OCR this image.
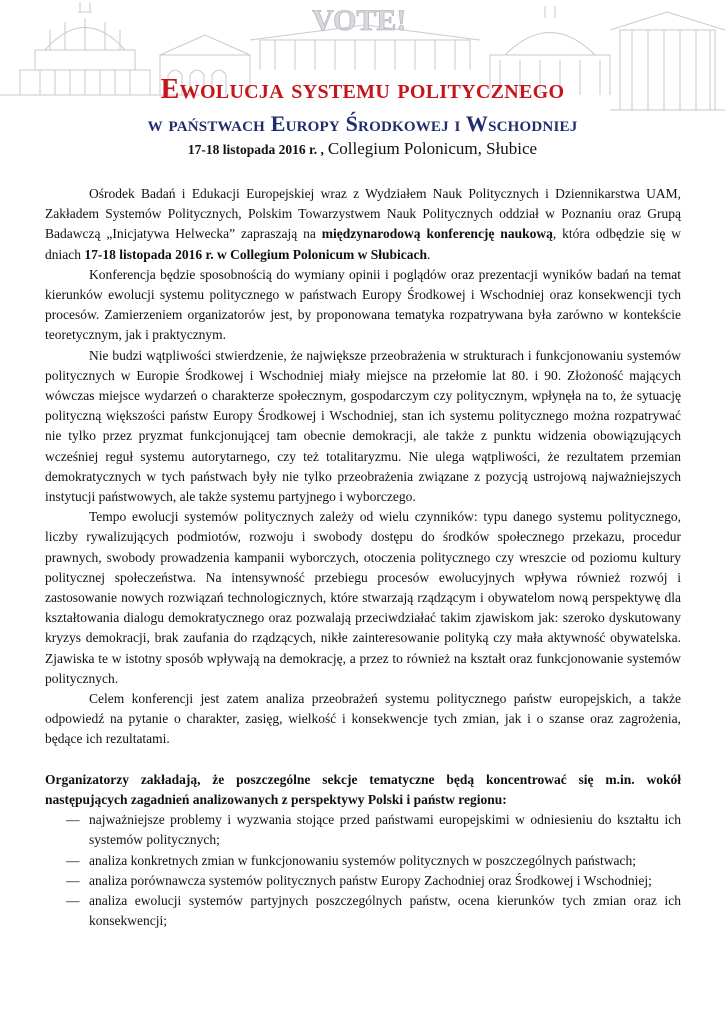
VOTE!
Ewolucja systemu politycznego
w państwach Europy Środkowej i Wschodniej
17-18 listopada 2016 r. , Collegium Polonicum, Słubice

Ośrodek Badań i Edukacji Europejskiej wraz z Wydziałem Nauk Politycznych i Dziennikarstwa UAM, Zakładem Systemów Politycznych, Polskim Towarzystwem Nauk Politycznych oddział w Poznaniu oraz Grupą Badawczą „Inicjatywa Helwecka” zapraszają na międzynarodową konferencję naukową, która odbędzie się w dniach 17-18 listopada 2016 r. w Collegium Polonicum w Słubicach.

Konferencja będzie sposobnością do wymiany opinii i poglądów oraz prezentacji wyników badań na temat kierunków ewolucji systemu politycznego w państwach Europy Środkowej i Wschodniej oraz konsekwencji tych procesów. Zamierzeniem organizatorów jest, by proponowana tematyka rozpatrywana była zarówno w kontekście teoretycznym, jak i praktycznym.

Nie budzi wątpliwości stwierdzenie, że największe przeobrażenia w strukturach i funkcjonowaniu systemów politycznych w Europie Środkowej i Wschodniej miały miejsce na przełomie lat 80. i 90. Złożoność mających wówczas miejsce wydarzeń o charakterze społecznym, gospodarczym czy politycznym, wpłynęła na to, że sytuację polityczną większości państw Europy Środkowej i Wschodniej, stan ich systemu politycznego można rozpatrywać nie tylko przez pryzmat funkcjonującej tam obecnie demokracji, ale także z punktu widzenia obowiązujących wcześniej reguł systemu autorytarnego, czy też totalitaryzmu. Nie ulega wątpliwości, że rezultatem przemian demokratycznych w tych państwach były nie tylko przeobrażenia związane z pozycją ustrojową najważniejszych instytucji państwowych, ale także systemu partyjnego i wyborczego.

Tempo ewolucji systemów politycznych zależy od wielu czynników: typu danego systemu politycznego, liczby rywalizujących podmiotów, rozwoju i swobody dostępu do środków społecznego przekazu, procedur prawnych, swobody prowadzenia kampanii wyborczych, otoczenia politycznego czy wreszcie od poziomu kultury politycznej społeczeństwa. Na intensywność przebiegu procesów ewolucyjnych wpływa również rozwój i zastosowanie nowych rozwiązań technologicznych, które stwarzają rządzącym i obywatelom nową perspektywę dla kształtowania dialogu demokratycznego oraz pozwalają przeciwdziałać takim zjawiskom jak: szeroko dyskutowany kryzys demokracji, brak zaufania do rządzących, nikłe zainteresowanie polityką czy mała aktywność obywatelska. Zjawiska te w istotny sposób wpływają na demokrację, a przez to również na kształt oraz funkcjonowanie systemów politycznych.

Celem konferencji jest zatem analiza przeobrażeń systemu politycznego państw europejskich, a także odpowiedź na pytanie o charakter, zasięg, wielkość i konsekwencje tych zmian, jak i o szanse oraz zagrożenia, będące ich rezultatami.

Organizatorzy zakładają, że poszczególne sekcje tematyczne będą koncentrować się m.in. wokół następujących zagadnień analizowanych z perspektywy Polski i państw regionu:

— najważniejsze problemy i wyzwania stojące przed państwami europejskimi w odniesieniu do kształtu ich systemów politycznych;
— analiza konkretnych zmian w funkcjonowaniu systemów politycznych w poszczególnych państwach;
— analiza porównawcza systemów politycznych państw Europy Zachodniej oraz Środkowej i Wschodniej;
— analiza ewolucji systemów partyjnych poszczególnych państw, ocena kierunków tych zmian oraz ich konsekwencji;
